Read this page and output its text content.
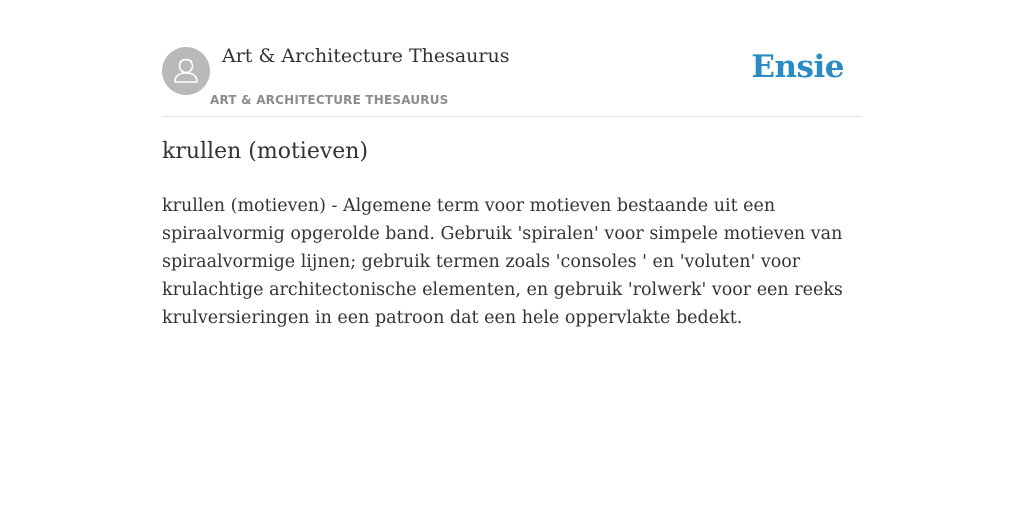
Art & Architecture Thesaurus
ART & ARCHITECTURE THESAURUS
Ensie
krullen (motieven)

krullen (motieven) - Algemene term voor motieven bestaande uit een spiraalvormig opgerolde band. Gebruik 'spiralen' voor simpele motieven van spiraalvormige lijnen; gebruik termen zoals 'consoles ' en 'voluten' voor krulachtige architectonische elementen, en gebruik 'rolwerk' voor een reeks krulversieringen in een patroon dat een hele oppervlakte bedekt.
